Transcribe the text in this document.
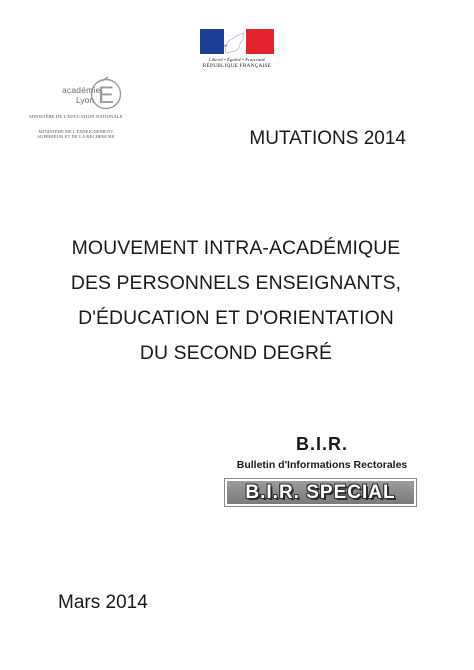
Liberté • Égalité • Fraternité
RÉPUBLIQUE FRANÇAISE
E
académie
Lyon
MINISTÈRE DE L'ÉDUCATION NATIONALE
MINISTÈRE DE L'ENSEIGNEMENT SUPÉRIEUR ET DE LA RECHERCHE	MUTATIONS 2014
MOUVEMENT INTRA-ACADÉMIQUE
DES PERSONNELS ENSEIGNANTS,
D'ÉDUCATION ET D'ORIENTATION
DU SECOND DEGRÉ
B.I.R.
Bulletin d'Informations Rectorales
B.I.R. SPECIAL
Mars 2014
